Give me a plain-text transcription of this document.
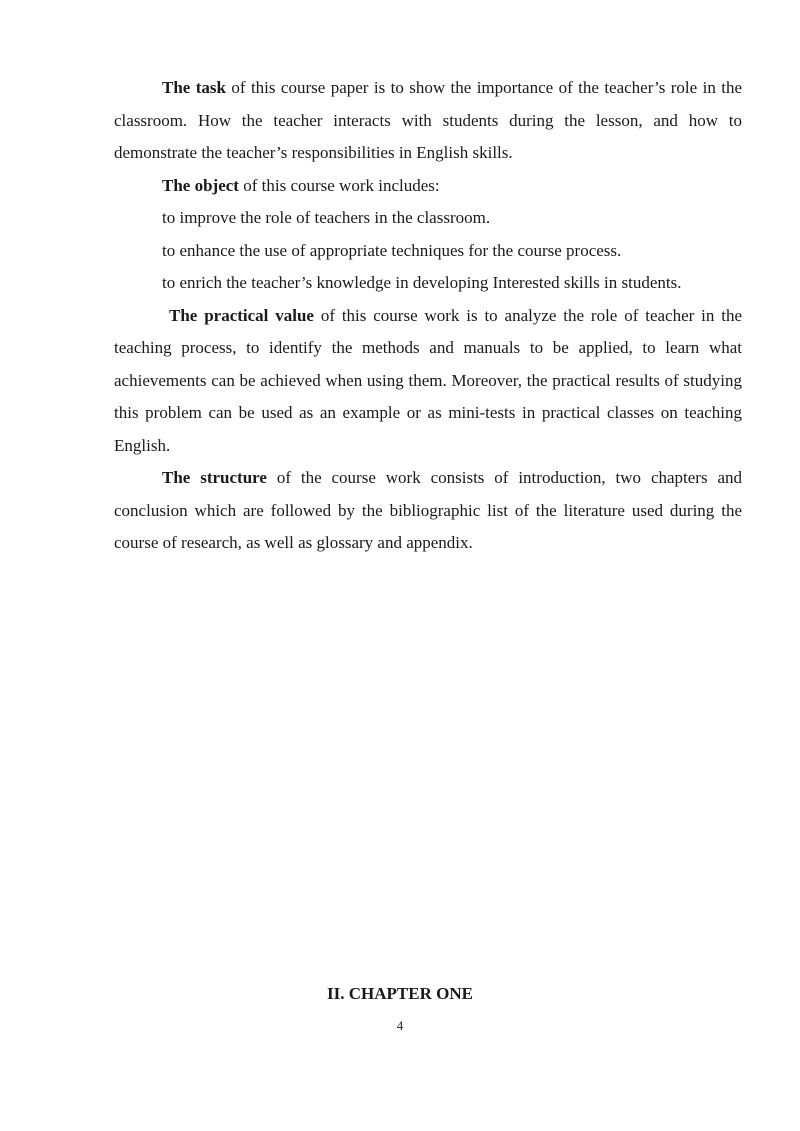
The task of this course paper is to show the importance of the teacher’s role in the classroom. How the teacher interacts with students during the lesson, and how to demonstrate the teacher’s responsibilities in English skills.

The object of this course work includes:

to improve the role of teachers in the classroom.

to enhance the use of appropriate techniques for the course process.

to enrich the teacher’s knowledge in developing Interested skills in students.

The practical value of this course work is to analyze the role of teacher in the teaching process, to identify the methods and manuals to be applied, to learn what achievements can be achieved when using them. Moreover, the practical results of studying this problem can be used as an example or as mini-tests in practical classes on teaching English.

The structure of the course work consists of introduction, two chapters and conclusion which are followed by the bibliographic list of the literature used during the course of research, as well as glossary and appendix.

II. CHAPTER ONE
4
